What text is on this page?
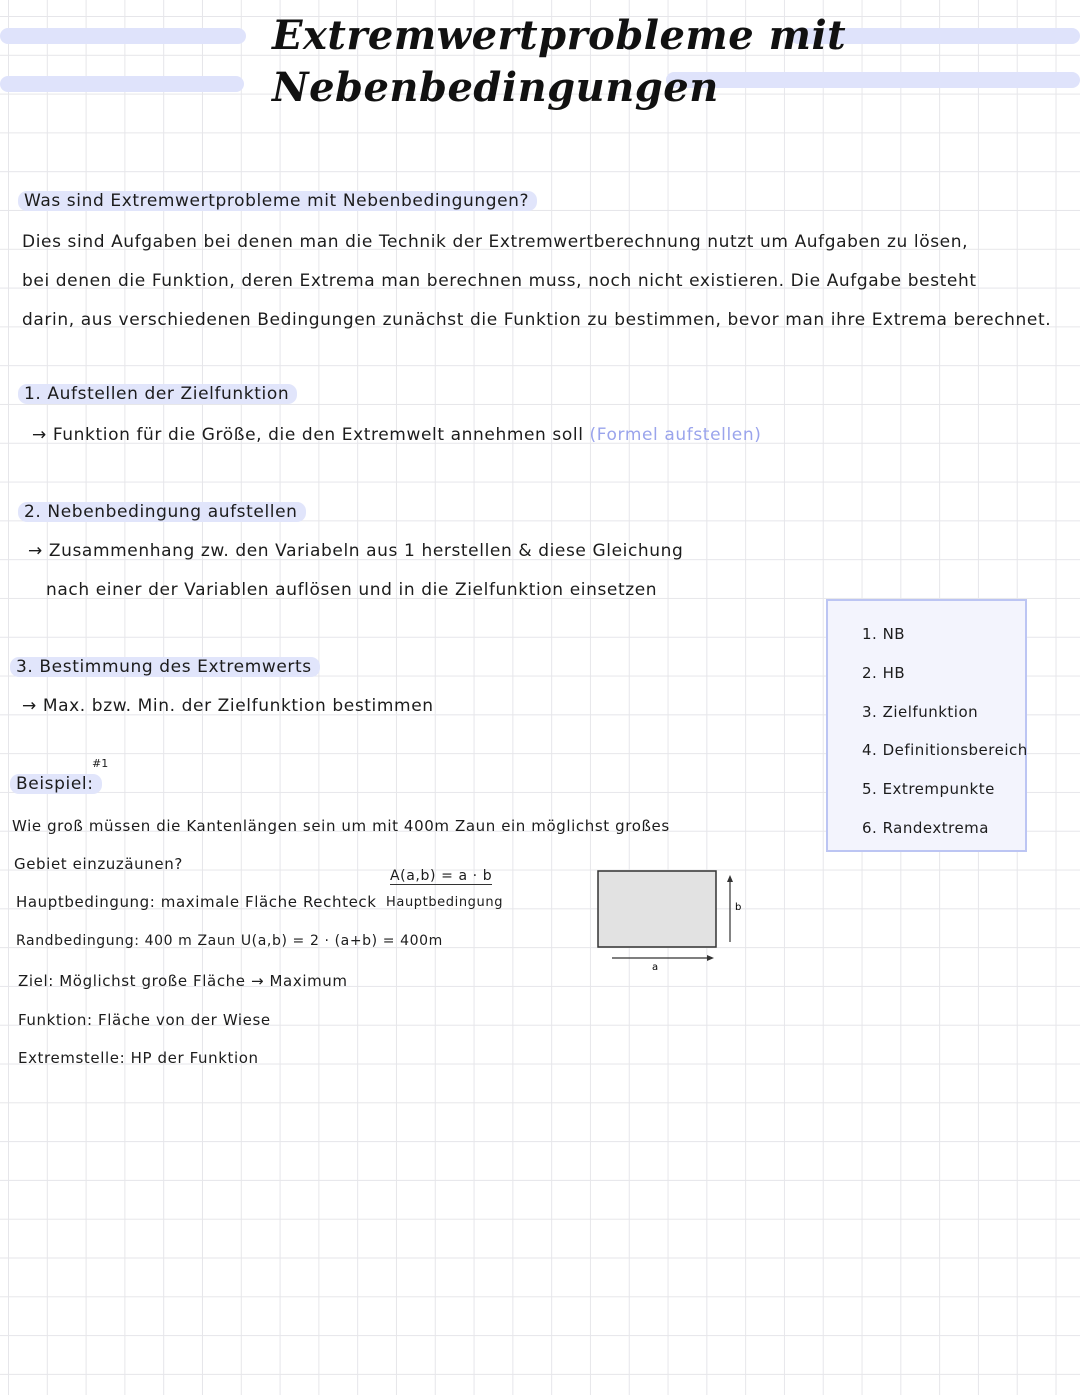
Extremwertprobleme mit
Nebenbedingungen
Was sind Extremwertprobleme mit Nebenbedingungen?
Dies sind Aufgaben bei denen man die Technik der Extremwertberechnung nutzt um Aufgaben zu lösen,
bei denen die Funktion, deren Extrema man berechnen muss, noch nicht existieren. Die Aufgabe besteht
darin, aus verschiedenen Bedingungen zunächst die Funktion zu bestimmen, bevor man ihre Extrema berechnet.
1. Aufstellen der Zielfunktion
→ Funktion für die Größe, die den Extremwelt annehmen soll (Formel aufstellen)
2. Nebenbedingung aufstellen
→ Zusammenhang zw. den Variabeln aus 1 herstellen & diese Gleichung
nach einer der Variablen auflösen und in die Zielfunktion einsetzen
3. Bestimmung des Extremwerts
→ Max. bzw. Min. der Zielfunktion bestimmen
1. NB
2. HB
3. Zielfunktion
4. Definitionsbereich
5. Extrempunkte
6. Randextrema
#1
Beispiel:
Wie groß müssen die Kantenlängen sein um mit 400m Zaun ein möglichst großes
Gebiet einzuzäunen?
A(a,b) = a · b
Hauptbedingung
Hauptbedingung: maximale Fläche Rechteck
Randbedingung: 400 m Zaun U(a,b) = 2 · (a+b) = 400m
Ziel: Möglichst große Fläche → Maximum
Funktion: Fläche von der Wiese
Extremstelle: HP der Funktion
a
b
